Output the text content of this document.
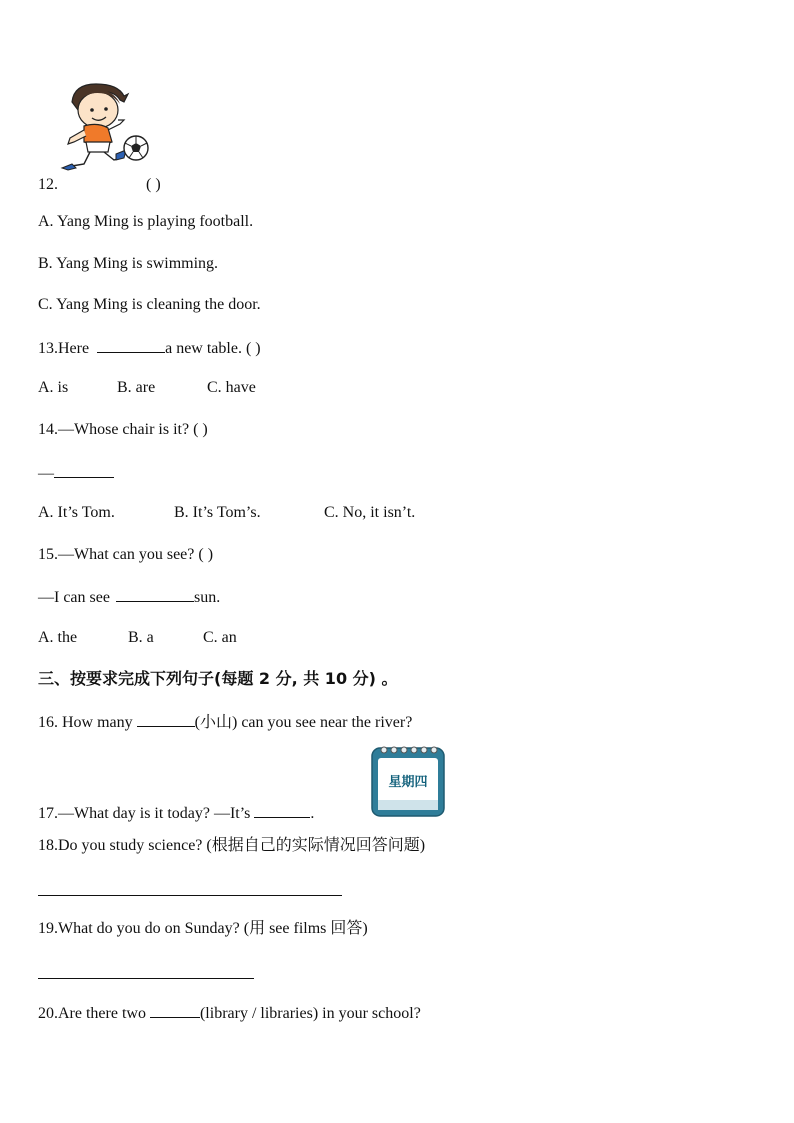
12.	( )
A. Yang Ming is playing football.
B. Yang Ming is swimming.
C. Yang Ming is cleaning the door.
13.Here	a new table. ( )
A. is	B. are	C. have
14.—Whose chair is it? ( )
—
A. It’s Tom.	B. It’s Tom’s.	C. No, it isn’t.
15.—What can you see? ( )
—I can see	sun.
A. the	B. a	C. an
三、按要求完成下列句子(每题 2 分, 共 10 分) 。
16. How many	(小山) can you see near the river?
星期四
17.—What day is it today? —It’s	.
18.Do you study science? (根据自己的实际情况回答问题)
19.What do you do on Sunday? (用 see films 回答)
20.Are there two	(library / libraries) in your school?
